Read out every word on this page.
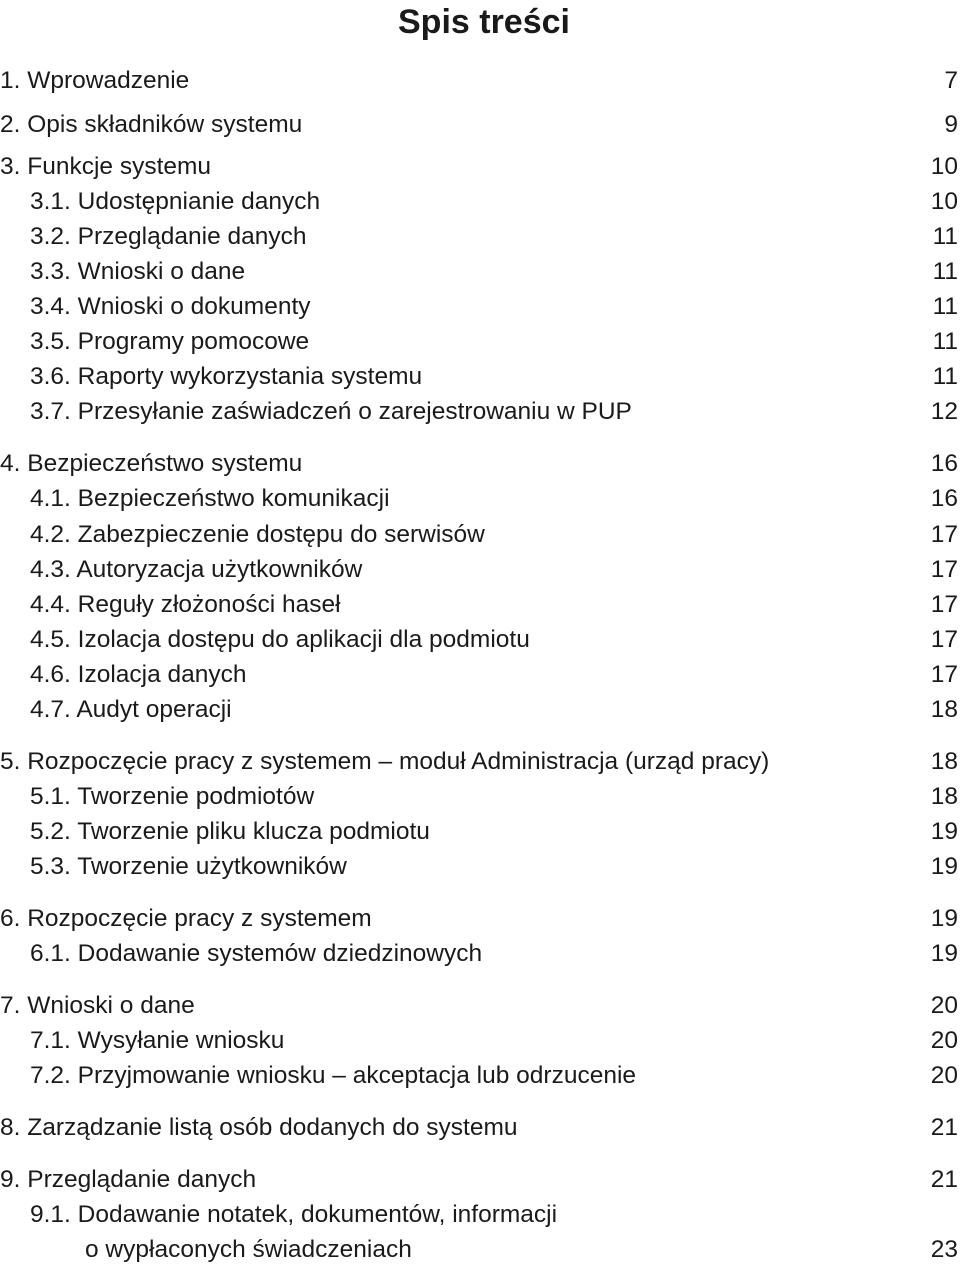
Spis treści
1. Wprowadzenie	7
2. Opis składników systemu	9
3. Funkcje systemu	10
3.1. Udostępnianie danych	10
3.2. Przeglądanie danych	11
3.3. Wnioski o dane	11
3.4. Wnioski o dokumenty	11
3.5. Programy pomocowe	11
3.6. Raporty wykorzystania systemu	11
3.7. Przesyłanie zaświadczeń o zarejestrowaniu w PUP	12
4. Bezpieczeństwo systemu	16
4.1. Bezpieczeństwo komunikacji	16
4.2. Zabezpieczenie dostępu do serwisów	17
4.3. Autoryzacja użytkowników	17
4.4. Reguły złożoności haseł	17
4.5. Izolacja dostępu do aplikacji dla podmiotu	17
4.6. Izolacja danych	17
4.7. Audyt operacji	18
5. Rozpoczęcie pracy z systemem – moduł Administracja (urząd pracy)	18
5.1. Tworzenie podmiotów	18
5.2. Tworzenie pliku klucza podmiotu	19
5.3. Tworzenie użytkowników	19
6. Rozpoczęcie pracy z systemem	19
6.1. Dodawanie systemów dziedzinowych	19
7. Wnioski o dane	20
7.1. Wysyłanie wniosku	20
7.2. Przyjmowanie wniosku – akceptacja lub odrzucenie	20
8. Zarządzanie listą osób dodanych do systemu	21
9. Przeglądanie danych	21
9.1. Dodawanie notatek, dokumentów, informacji
o wypłaconych świadczeniach	23
